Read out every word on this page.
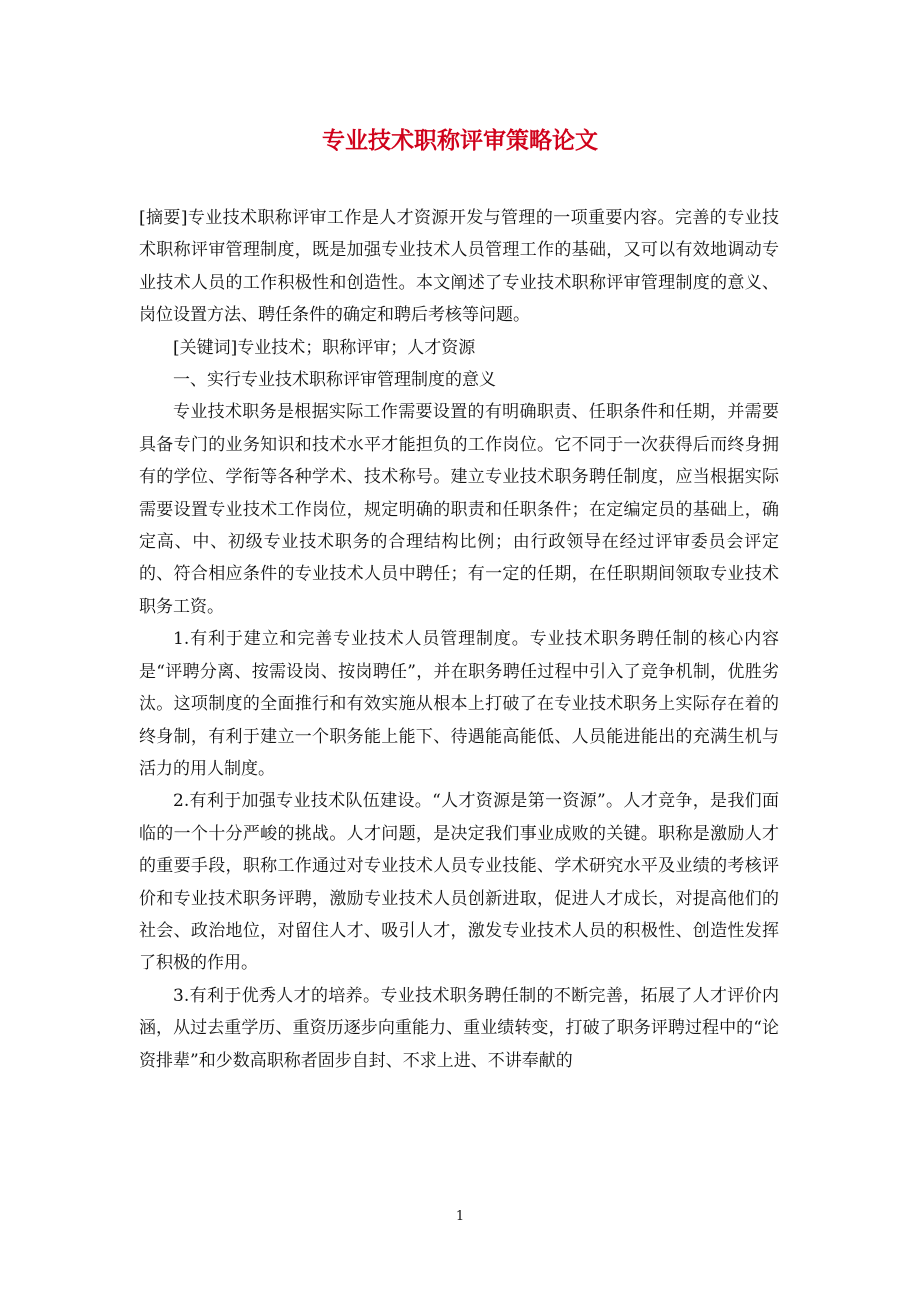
专业技术职称评审策略论文

[摘要]专业技术职称评审工作是人才资源开发与管理的一项重要内容。完善的专业技术职称评审管理制度，既是加强专业技术人员管理工作的基础，又可以有效地调动专业技术人员的工作积极性和创造性。本文阐述了专业技术职称评审管理制度的意义、岗位设置方法、聘任条件的确定和聘后考核等问题。

[关键词]专业技术；职称评审；人才资源

一、实行专业技术职称评审管理制度的意义

专业技术职务是根据实际工作需要设置的有明确职责、任职条件和任期，并需要具备专门的业务知识和技术水平才能担负的工作岗位。它不同于一次获得后而终身拥有的学位、学衔等各种学术、技术称号。建立专业技术职务聘任制度，应当根据实际需要设置专业技术工作岗位，规定明确的职责和任职条件；在定编定员的基础上，确定高、中、初级专业技术职务的合理结构比例；由行政领导在经过评审委员会评定的、符合相应条件的专业技术人员中聘任；有一定的任期，在任职期间领取专业技术职务工资。

1.有利于建立和完善专业技术人员管理制度。专业技术职务聘任制的核心内容是“评聘分离、按需设岗、按岗聘任”，并在职务聘任过程中引入了竞争机制，优胜劣汰。这项制度的全面推行和有效实施从根本上打破了在专业技术职务上实际存在着的终身制，有利于建立一个职务能上能下、待遇能高能低、人员能进能出的充满生机与活力的用人制度。

2.有利于加强专业技术队伍建设。“人才资源是第一资源”。人才竞争，是我们面临的一个十分严峻的挑战。人才问题，是决定我们事业成败的关键。职称是激励人才的重要手段，职称工作通过对专业技术人员专业技能、学术研究水平及业绩的考核评价和专业技术职务评聘，激励专业技术人员创新进取，促进人才成长，对提高他们的社会、政治地位，对留住人才、吸引人才，激发专业技术人员的积极性、创造性发挥了积极的作用。

3.有利于优秀人才的培养。专业技术职务聘任制的不断完善，拓展了人才评价内涵，从过去重学历、重资历逐步向重能力、重业绩转变，打破了职务评聘过程中的“论资排辈”和少数高职称者固步自封、不求上进、不讲奉献的

1
